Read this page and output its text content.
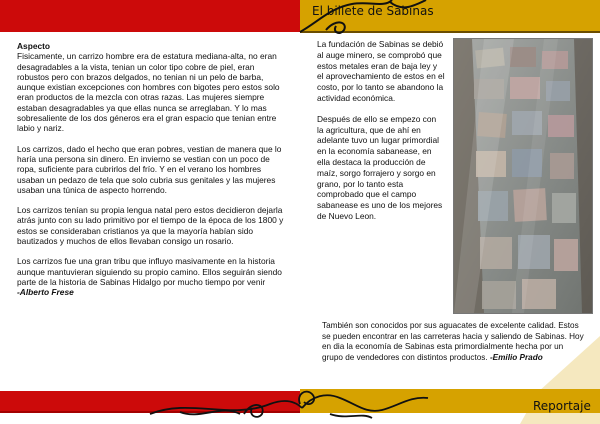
El billete de Sabinas

Aspecto
Fisicamente, un carrizo hombre era de estatura mediana-alta, no eran desagradables a la vista, tenian un color tipo cobre de piel, eran robustos pero con brazos delgados, no tenian ni un pelo de barba, aunque existian excepciones con hombres con bigotes pero estos solo eran productos de la mezcla con otras razas. Las mujeres siempre estaban desagradables ya que ellas nunca se arreglaban. Y lo mas sobresaliente de los dos géneros era el gran espacio que tenian entre labio y nariz.

Los carrizos, dado el hecho que eran pobres, vestian de manera que lo haría una persona sin dinero. En invierno se vestian con un poco de ropa, suficiente para cubrirlos del frío. Y en el verano los hombres usaban un pedazo de tela que solo cubria sus genitales y las mujeres usaban una túnica de aspecto horrendo.

Los carrizos tenían su propia lengua natal pero estos decidieron dejarla atrás junto con su lado primitivo por el tiempo de la época de los 1800 y estos se consideraban cristianos ya que la mayoría habían sido bautizados y muchos de ellos llevaban consigo un rosario.

Los carrizos fue una gran tribu que influyo masivamente en la historia aunque mantuvieran siguiendo su propio camino. Ellos seguirán siendo parte de la historia de Sabinas Hidalgo por mucho tiempo por venir
-Alberto Frese

La fundación de Sabinas se debió al auge minero, se comprobó que estos metales eran de baja ley y el aprovechamiento de estos en el costo, por lo tanto se abandono la actividad económica.

Después de ello se empezo con la agricultura, que de ahí en adelante tuvo un lugar primordial en la economía sabanease, en ella destaca la producción de maíz, sorgo forrajero y sorgo en grano, por lo tanto esta comprobado que el campo sabanease es uno de los mejores de Nuevo Leon.

También son conocidos por sus aguacates de excelente calidad. Estos se pueden encontrar en las carreteras hacia y saliendo de Sabinas. Hoy en dia la economía de Sabinas esta primordialmente hecha por un grupo de vendedores con distintos productos. -Emilio Prado

Reportaje
